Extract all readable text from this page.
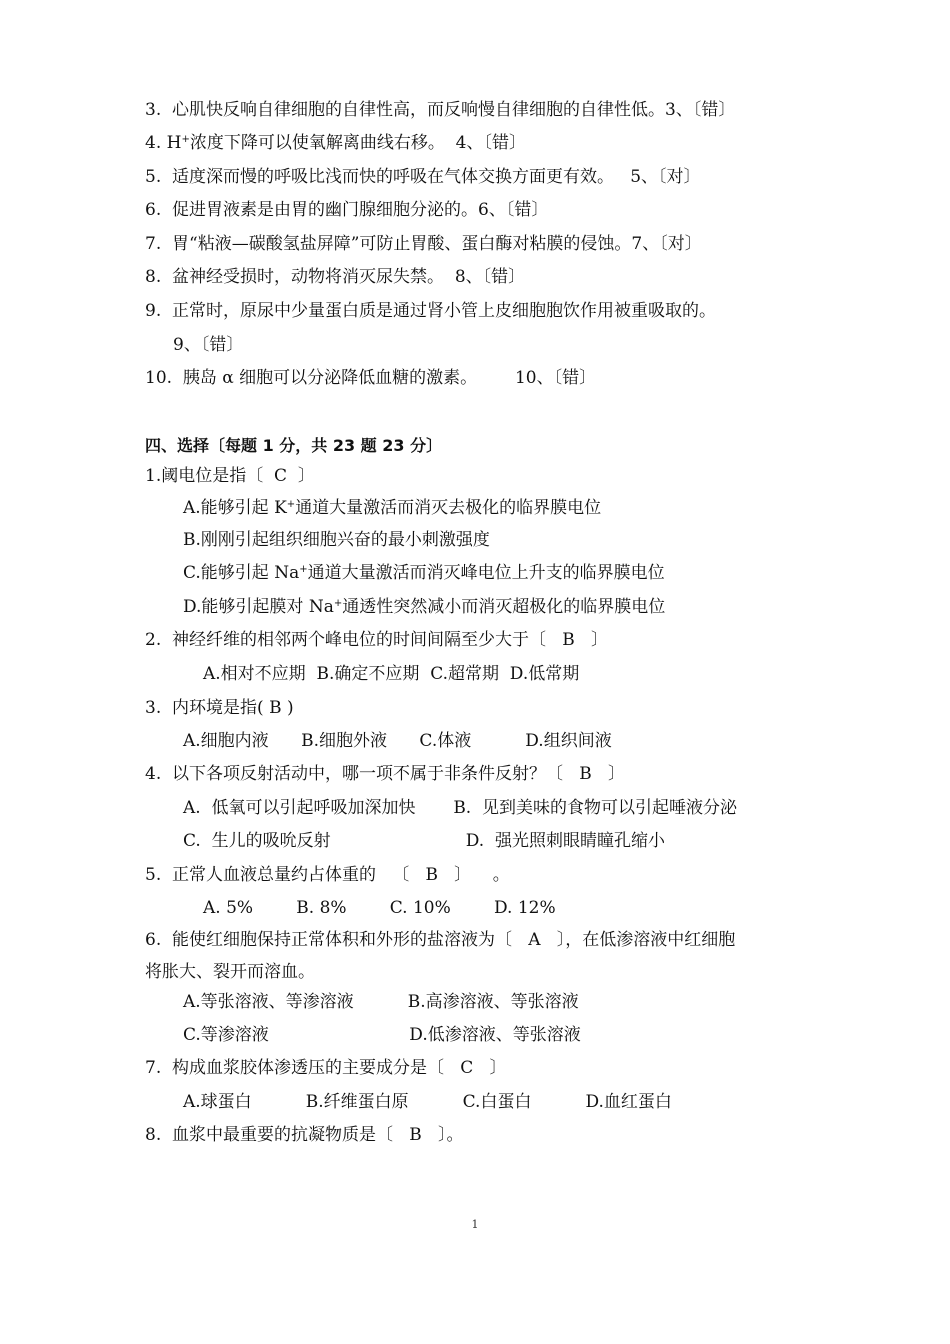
3.  心肌快反响自律细胞的自律性高，而反响慢自律细胞的自律性低。3、〔错〕
4. H+浓度下降可以使氧解离曲线右移。  4、〔错〕
5.  适度深而慢的呼吸比浅而快的呼吸在气体交换方面更有效。   5、〔对〕
6.  促进胃液素是由胃的幽门腺细胞分泌的。6、〔错〕
7.  胃“粘液—碳酸氢盐屏障”可防止胃酸、蛋白酶对粘膜的侵蚀。7、〔对〕
8.  盆神经受损时，动物将消灭尿失禁。  8、〔错〕
9.  正常时，原尿中少量蛋白质是通过肾小管上皮细胞胞饮作用被重吸取的。
9、〔错〕
10.  胰岛 α 细胞可以分泌降低血糖的激素。       10、〔错〕
四、选择〔每题 1 分，共 23 题 23 分〕
1.阈电位是指〔  C  〕
A.能够引起 K+通道大量激活而消灭去极化的临界膜电位
B.刚刚引起组织细胞兴奋的最小刺激强度
C.能够引起 Na+通道大量激活而消灭峰电位上升支的临界膜电位
D.能够引起膜对 Na+通透性突然减小而消灭超极化的临界膜电位
2.  神经纤维的相邻两个峰电位的时间间隔至少大于〔   B   〕
A.相对不应期  B.确定不应期  C.超常期  D.低常期
3.  内环境是指( B )
A.细胞内液      B.细胞外液      C.体液          D.组织间液
4.  以下各项反射活动中，哪一项不属于非条件反射？〔   B   〕
A.  低氧可以引起呼吸加深加快       B.  见到美味的食物可以引起唾液分泌
C.  生儿的吸吮反射                         D.  强光照刺眼睛瞳孔缩小
5.  正常人血液总量约占体重的   〔   B   〕    。
A. 5%        B. 8%        C. 10%        D. 12%
6.  能使红细胞保持正常体积和外形的盐溶液为〔   A   〕，在低渗溶液中红细胞
将胀大、裂开而溶血。
A.等张溶液、等渗溶液          B.高渗溶液、等张溶液
C.等渗溶液                          D.低渗溶液、等张溶液
7.  构成血浆胶体渗透压的主要成分是〔   C   〕
A.球蛋白          B.纤维蛋白原          C.白蛋白          D.血红蛋白
8.  血浆中最重要的抗凝物质是〔   B   〕。
1
